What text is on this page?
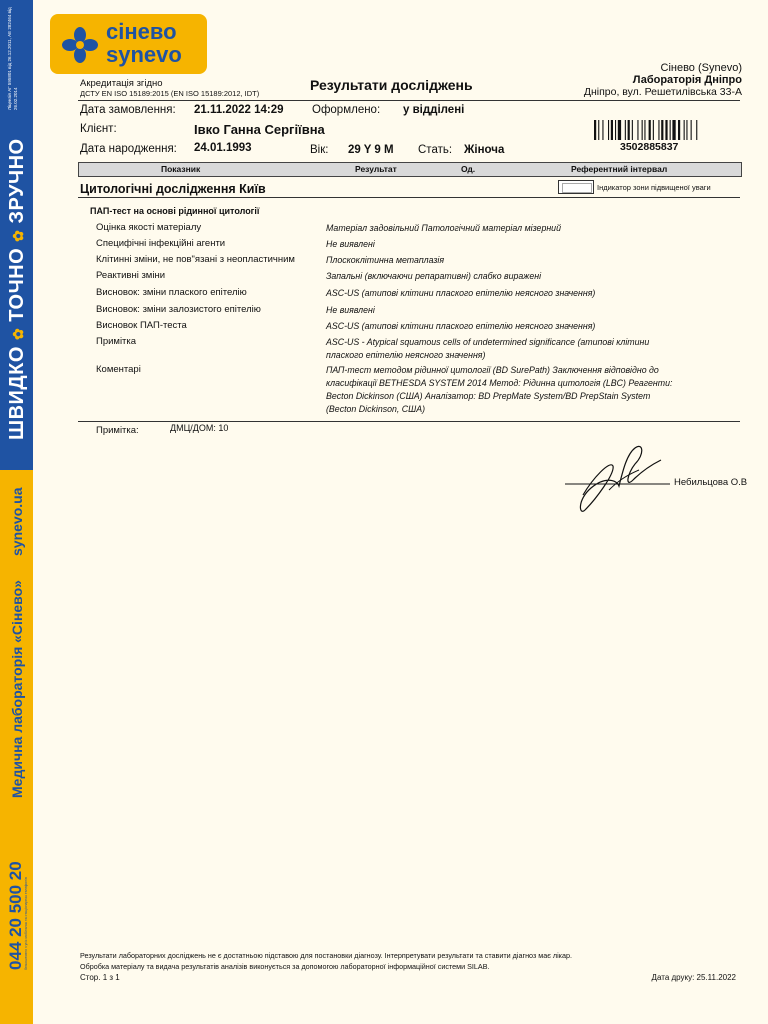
Ліцензія АГ 595801 від 26.12.2011, АЕ 282464 від 26.02.2014
ШВИДКО ✿ ТОЧНО ✿ ЗРУЧНО
synevo.ua
Медична лабораторія «Сінево»
044 20 500 20 безкоштовно з усіх мобільних та стаціонарних телефонів
сінево
synevo
Акредитація згідно
ДСТУ EN ISO 15189:2015 (EN ISO 15189:2012, IDT)
Результати досліджень
Сінево (Synevo)
Лабораторія Дніпро
Дніпро, вул. Решетилівська 33-А
Дата замовлення: 21.11.2022 14:29 Оформлено: у відділені
Клієнт:	Івко Ганна Сергіївна
Дата народження: 24.01.1993	Вік: 29 Y 9 M Стать: Жіноча	3502885837
Показник	Результат	Од.	Референтний інтервал
Цитологічні дослідження Київ	Індикатор зони підвищеної уваги
ПАП-тест на основі рідинної цитології
Оцінка якості матеріалу	Матеріал задовільний Патологічний матеріал мізерний
Специфічні інфекційні агенти	Не виявлені
Клітинні зміни, не пов"язані з неопластичним	Плоскоклітинна метаплазія
Реактивні зміни	Запальні (включаючи репаративні) слабко виражені
Висновок: зміни плаского епітелію	ASC-US (атипові клітини плаского епітелію неясного значення)
Висновок: зміни залозистого епітелію	Не виявлені
Висновок ПАП-теста	ASC-US (атипові клітини плаского епітелію неясного значення)
Примітка	ASC-US - Atypical squamous cells of undetermined significance (атипові клітини
плаского епітелію неясного значення)
Коментарі	ПАП-тест методом рідинної цитології (BD SurePath) Заключення відповідно до
класифікації BETHESDA SYSTEM 2014 Метод: Рідинна цитологія (LBC) Реагенти:
Becton Dickinson (США) Аналізатор: BD PrepMate System/BD PrepStain System
(Becton Dickinson, США)
Примітка:	ДМЦ/ДОМ: 10
Небильцова О.В
Результати лабораторних досліджень не є достатньою підставою для постановки діагнозу. Інтерпретувати результати та ставити діагноз має лікар.
Обробка матеріалу та видача результатів аналізів виконується за допомогою лабораторної інформаційної системи SILAB.
Стор. 1 з 1	Дата друку: 25.11.2022
